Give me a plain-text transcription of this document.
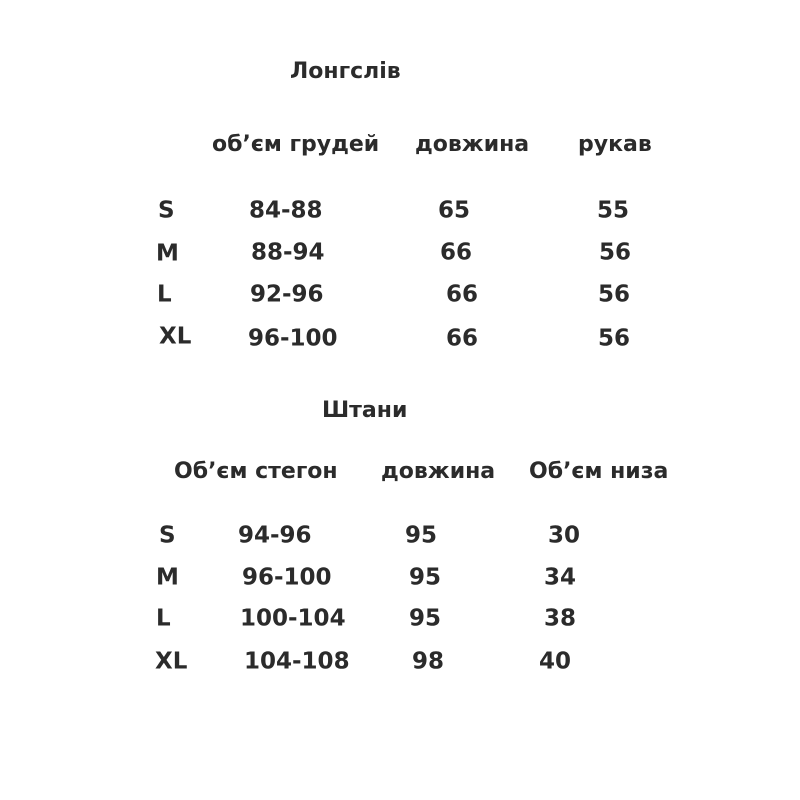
Лонгслів
об’єм грудей довжина рукав
S	84-88	65	55
M	88-94	66	56
L	92-96	66	56
XL 96-100	66	56
Штани
Об’єм стегон довжина Об’єм низа
S	94-96	95	30
M	96-100	95	34
L	100-104	95	38
XL 104-108	98	40
